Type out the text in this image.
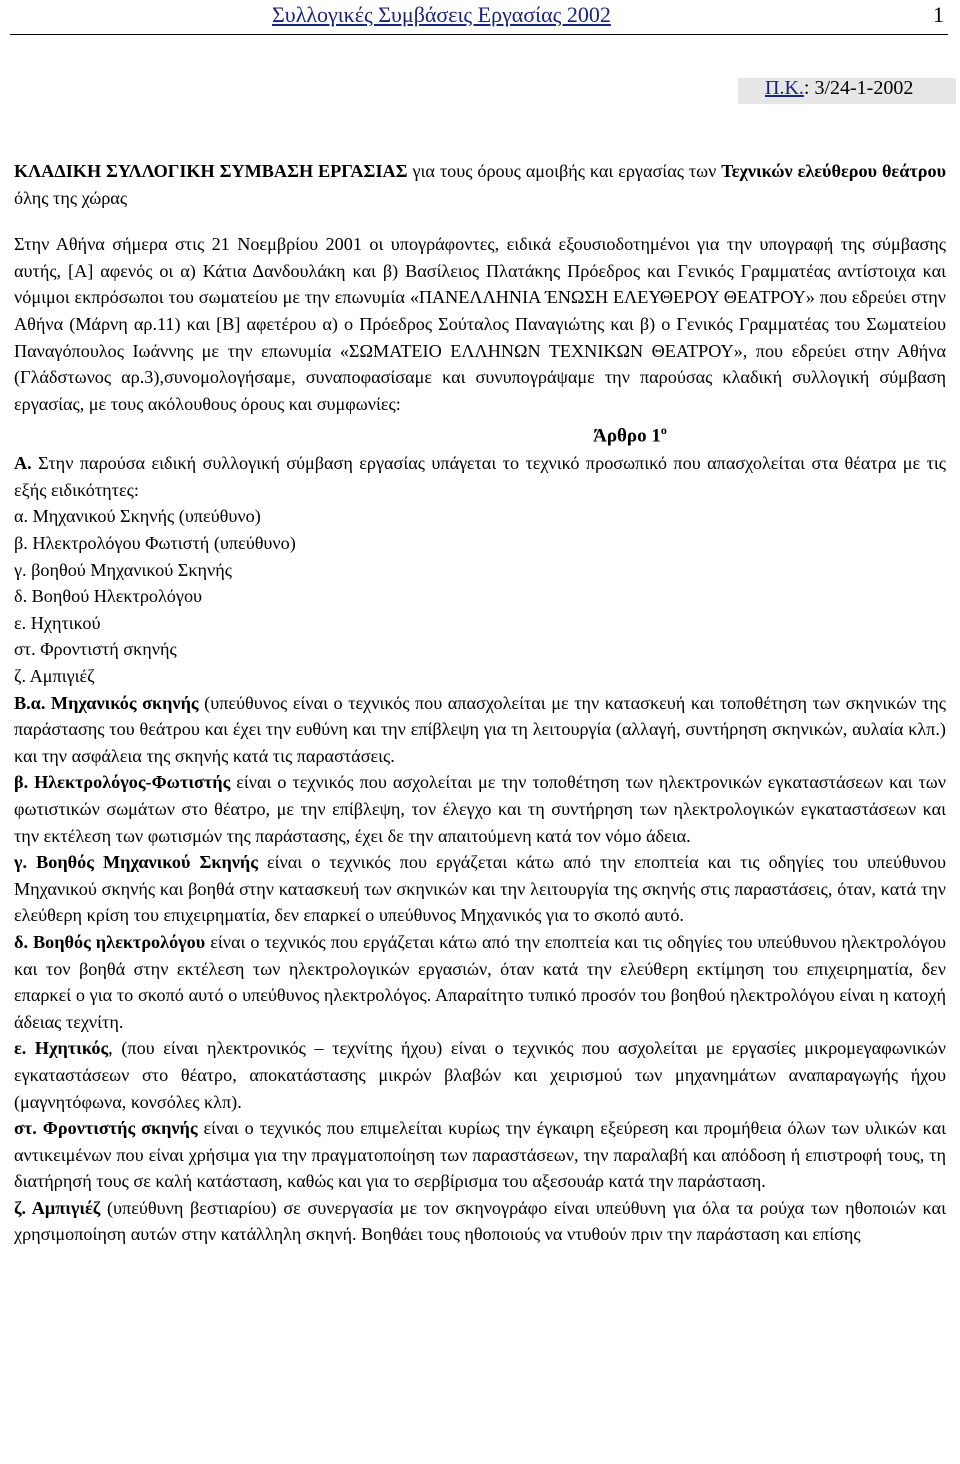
Συλλογικές Συμβάσεις Εργασίας 2002	1
Π.Κ.: 3/24-1-2002

ΚΛΑΔΙΚΗ ΣΥΛΛΟΓΙΚΗ ΣΥΜΒΑΣΗ ΕΡΓΑΣΙΑΣ για τους όρους αμοιβής και εργασίας των Τεχνικών ελεύθερου θεάτρου όλης της χώρας

Στην Αθήνα σήμερα στις 21 Νοεμβρίου 2001 οι υπογράφοντες, ειδικά εξουσιοδοτημένοι για την υπογραφή της σύμβασης αυτής, [Α] αφενός οι α) Κάτια Δανδουλάκη και β) Βασίλειος Πλατάκης Πρόεδρος και Γενικός Γραμματέας αντίστοιχα και νόμιμοι εκπρόσωποι του σωματείου με την επωνυμία «ΠΑΝΕΛΛΗΝΙΑ ΈΝΩΣΗ ΕΛΕΥΘΕΡΟΥ ΘΕΑΤΡΟΥ» που εδρεύει στην Αθήνα (Μάρνη αρ.11) και [Β] αφετέρου α) ο Πρόεδρος Σούταλος Παναγιώτης και β) ο Γενικός Γραμματέας του Σωματείου Παναγόπουλος Ιωάννης με την επωνυμία «ΣΩΜΑΤΕΙΟ ΕΛΛΗΝΩΝ ΤΕΧΝΙΚΩΝ ΘΕΑΤΡΟΥ», που εδρεύει στην Αθήνα (Γλάδστωνος αρ.3),συνομολογήσαμε, συναποφασίσαμε και συνυπογράψαμε την παρούσας κλαδική συλλογική σύμβαση εργασίας, με τους ακόλουθους όρους και συμφωνίες:

Άρθρο $1^o$

Α. Στην παρούσα ειδική συλλογική σύμβαση εργασίας υπάγεται το τεχνικό προσωπικό που απασχολείται στα θέατρα με τις εξής ειδικότητες:

α. Μηχανικού Σκηνής (υπεύθυνο)

β. Ηλεκτρολόγου Φωτιστή (υπεύθυνο)

γ. βοηθού Μηχανικού Σκηνής

δ. Βοηθού Ηλεκτρολόγου

ε. Ηχητικού

στ. Φροντιστή σκηνής

ζ. Αμπιγιέζ

Β.α. Μηχανικός σκηνής (υπεύθυνος είναι ο τεχνικός που απασχολείται με την κατασκευή και τοποθέτηση των σκηνικών της παράστασης του θεάτρου και έχει την ευθύνη και την επίβλεψη για τη λειτουργία (αλλαγή, συντήρηση σκηνικών, αυλαία κλπ.) και την ασφάλεια της σκηνής κατά τις παραστάσεις.

β. Ηλεκτρολόγος-Φωτιστής είναι ο τεχνικός που ασχολείται με την τοποθέτηση των ηλεκτρονικών εγκαταστάσεων και των φωτιστικών σωμάτων στο θέατρο, με την επίβλεψη, τον έλεγχο και τη συντήρηση των ηλεκτρολογικών εγκαταστάσεων και την εκτέλεση των φωτισμών της παράστασης, έχει δε την απαιτούμενη κατά τον νόμο άδεια.

γ. Βοηθός Μηχανικού Σκηνής είναι ο τεχνικός που εργάζεται κάτω από την εποπτεία και τις οδηγίες του υπεύθυνου Μηχανικού σκηνής και βοηθά στην κατασκευή των σκηνικών και την λειτουργία της σκηνής στις παραστάσεις, όταν, κατά την ελεύθερη κρίση του επιχειρηματία, δεν επαρκεί ο υπεύθυνος Μηχανικός για το σκοπό αυτό.

δ. Βοηθός ηλεκτρολόγου είναι ο τεχνικός που εργάζεται κάτω από την εποπτεία και τις οδηγίες του υπεύθυνου ηλεκτρολόγου και τον βοηθά στην εκτέλεση των ηλεκτρολογικών εργασιών, όταν κατά την ελεύθερη εκτίμηση του επιχειρηματία, δεν επαρκεί ο για το σκοπό αυτό ο υπεύθυνος ηλεκτρολόγος. Απαραίτητο τυπικό προσόν του βοηθού ηλεκτρολόγου είναι η κατοχή άδειας τεχνίτη.

ε. Ηχητικός, (που είναι ηλεκτρονικός – τεχνίτης ήχου) είναι ο τεχνικός που ασχολείται με εργασίες μικρομεγαφωνικών εγκαταστάσεων στο θέατρο, αποκατάστασης μικρών βλαβών και χειρισμού των μηχανημάτων αναπαραγωγής ήχου (μαγνητόφωνα, κονσόλες κλπ).

στ. Φροντιστής σκηνής είναι ο τεχνικός που επιμελείται κυρίως την έγκαιρη εξεύρεση και προμήθεια όλων των υλικών και αντικειμένων που είναι χρήσιμα για την πραγματοποίηση των παραστάσεων, την παραλαβή και απόδοση ή επιστροφή τους, τη διατήρησή τους σε καλή κατάσταση, καθώς και για το σερβίρισμα του αξεσουάρ κατά την παράσταση.

ζ. Αμπιγιέζ (υπεύθυνη βεστιαρίου) σε συνεργασία με τον σκηνογράφο είναι υπεύθυνη για όλα τα ρούχα των ηθοποιών και χρησιμοποίηση αυτών στην κατάλληλη σκηνή. Βοηθάει τους ηθοποιούς να ντυθούν πριν την παράσταση και επίσης
